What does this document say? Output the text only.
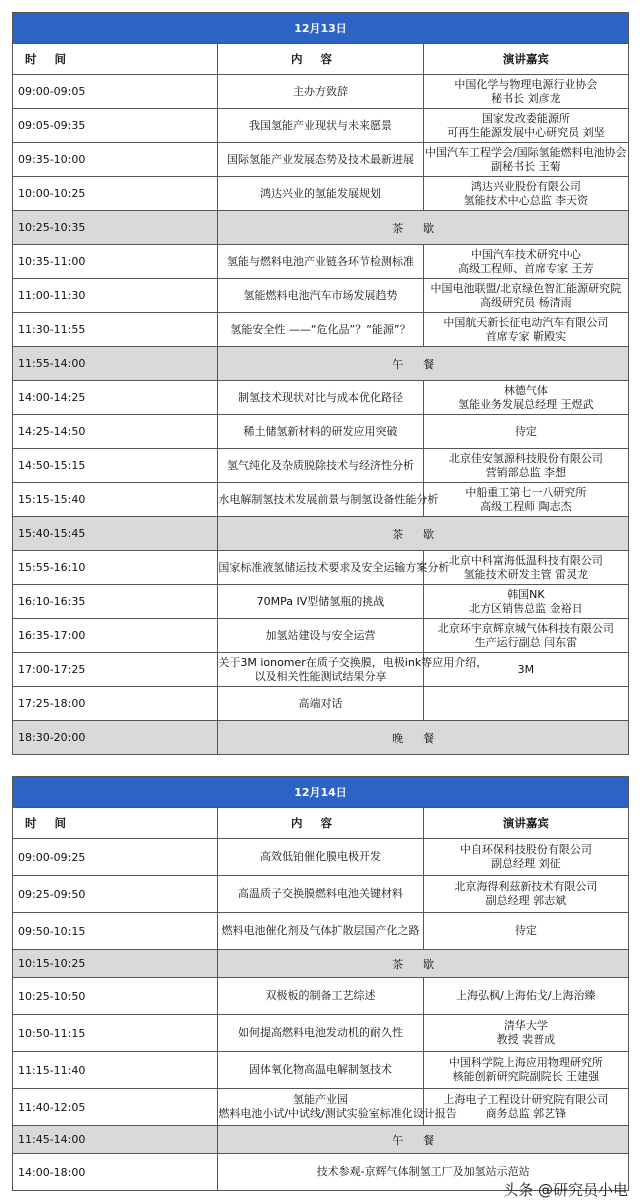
12月13日		
时间	内容	演讲嘉宾
09:00-09:05	主办方致辞	中国化学与物理电源行业协会
秘书长 刘彦龙

09:05-09:35	我国氢能产业现状与未来愿景	国家发改委能源所
可再生能源发展中心研究员 刘坚

09:35-10:00	国际氢能产业发展态势及技术最新进展	中国汽车工程学会/国际氢能燃料电池协会
副秘书长 王菊

10:00-10:25	鸿达兴业的氢能发展规划	鸿达兴业股份有限公司
氢能技术中心总监 李天资

10:25-10:35	茶歇	
10:35-11:00	氢能与燃料电池产业链各环节检测标准	中国汽车技术研究中心
高级工程师、首席专家 王芳

11:00-11:30	氢能燃料电池汽车市场发展趋势	中国电池联盟/北京绿色智汇能源研究院
高级研究员 杨清雨

11:30-11:55	氢能安全性 ——“危化品”？“能源”？	中国航天新长征电动汽车有限公司
首席专家 靳殿实

11:55-14:00	午餐	
14:00-14:25	制氢技术现状对比与成本优化路径	林德气体
氢能业务发展总经理 王煜武

14:25-14:50	稀土储氢新材料的研发应用突破	待定

14:50-15:15	氢气纯化及杂质脱除技术与经济性分析	北京佳安氢源科技股份有限公司
营销部总监 李想

15:15-15:40	水电解制氢技术发展前景与制氢设备性能分析	中船重工第七一八研究所
高级工程师 陶志杰

15:40-15:45	茶歇	
15:55-16:10	国家标准液氢储运技术要求及安全运输方案分析	北京中科富海低温科技有限公司
氢能技术研发主管 雷灵龙

16:10-16:35	70MPa IV型储氢瓶的挑战	韩国NK
北方区销售总监 金裕日

16:35-17:00	加氢站建设与安全运营	北京环宇京辉京城气体科技有限公司
生产运行副总 闫东雷

17:00-17:25	关于3M ionomer在质子交换膜，电极ink等应用介绍，
以及相关性能测试结果分享	3M

17:25-18:00	高端对话	

18:30-20:00	晚餐	
12月14日		
时间	内容	演讲嘉宾
09:00-09:25	高效低铂催化膜电极开发	中自环保科技股份有限公司
副总经理 刘征

09:25-09:50	高温质子交换膜燃料电池关键材料	北京海得利兹新技术有限公司
副总经理 郭志斌

09:50-10:15	燃料电池催化剂及气体扩散层国产化之路	待定

10:15-10:25	茶歇	
10:25-10:50	双极板的制备工艺综述	上海弘枫/上海佑戈/上海治臻

10:50-11:15	如何提高燃料电池发动机的耐久性	清华大学
教授 裴普成

11:15-11:40	固体氧化物高温电解制氢技术	中国科学院上海应用物理研究所
核能创新研究院副院长 王建强

11:40-12:05	氢能产业园
燃料电池小试/中试线/测试实验室标准化设计报告	上海电子工程设计研究院有限公司
商务总监 郭艺锋

11:45-14:00	午餐	
14:00-18:00	技术参观-京辉气体制氢工厂及加氢站示范站	
头条 @研究员小电
